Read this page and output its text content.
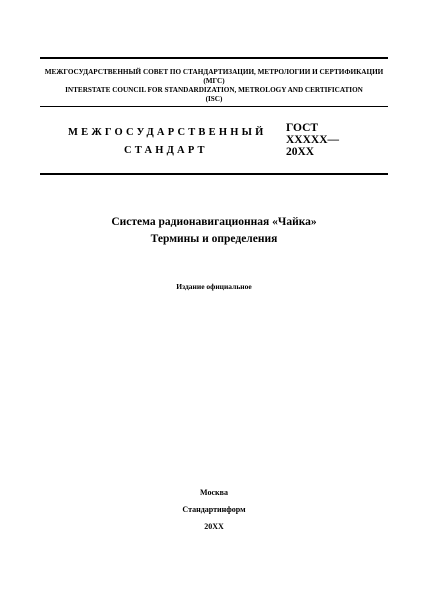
МЕЖГОСУДАРСТВЕННЫЙ СОВЕТ ПО СТАНДАРТИЗАЦИИ, МЕТРОЛОГИИ И СЕРТИФИКАЦИИ
(МГС)
INTERSTATE COUNCIL FOR STANDARDIZATION, METROLOGY AND CERTIFICATION
(ISC)
МЕЖГОСУДАРСТВЕННЫЙ
СТАНДАРТ
ГОСТ
XXXXX—
20XX
Система радионавигационная «Чайка»
Термины и определения
Издание официальное
Москва
Стандартинформ
20XX
